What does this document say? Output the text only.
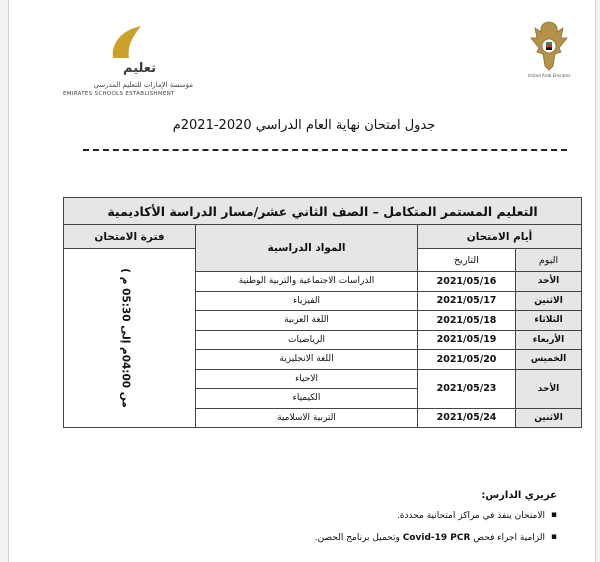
United Arab Emirates
تعليم
مؤسسة الإمارات للتعليم المدرسي
EMIRATES SCHOOLS ESTABLISHMENT
جدول امتحان نهاية العام الدراسي 2020-2021م
التعليم المستمر المتكامل – الصف الثاني عشر/مسار الدراسة الأكاديمية			
أيام الامتحان		المواد الدراسية	فترة الامتحان
اليوم	التاريخ		من 04:00م إلى 05:30 م )
الأحد	2021/05/16	الدراسات الاجتماعية والتربية الوطنية	
الاثنين	2021/05/17	الفيزياء	
الثلاثاء	2021/05/18	اللغة العربية	
الأربعاء	2021/05/19	الرياضيات	
الخميس	2021/05/20	اللغة الانجليزية	
الأحد	2021/05/23	الاحياء	
		الكيمياء	
الاثنين	2021/05/24	التربية الاسلامية	
عزيزي الدارس:
▪ الامتحان ينفذ في مراكز امتحانية محددة.
▪ الزامية اجراء فحص Covid-19 PCR وتحميل برنامج الحصن.
